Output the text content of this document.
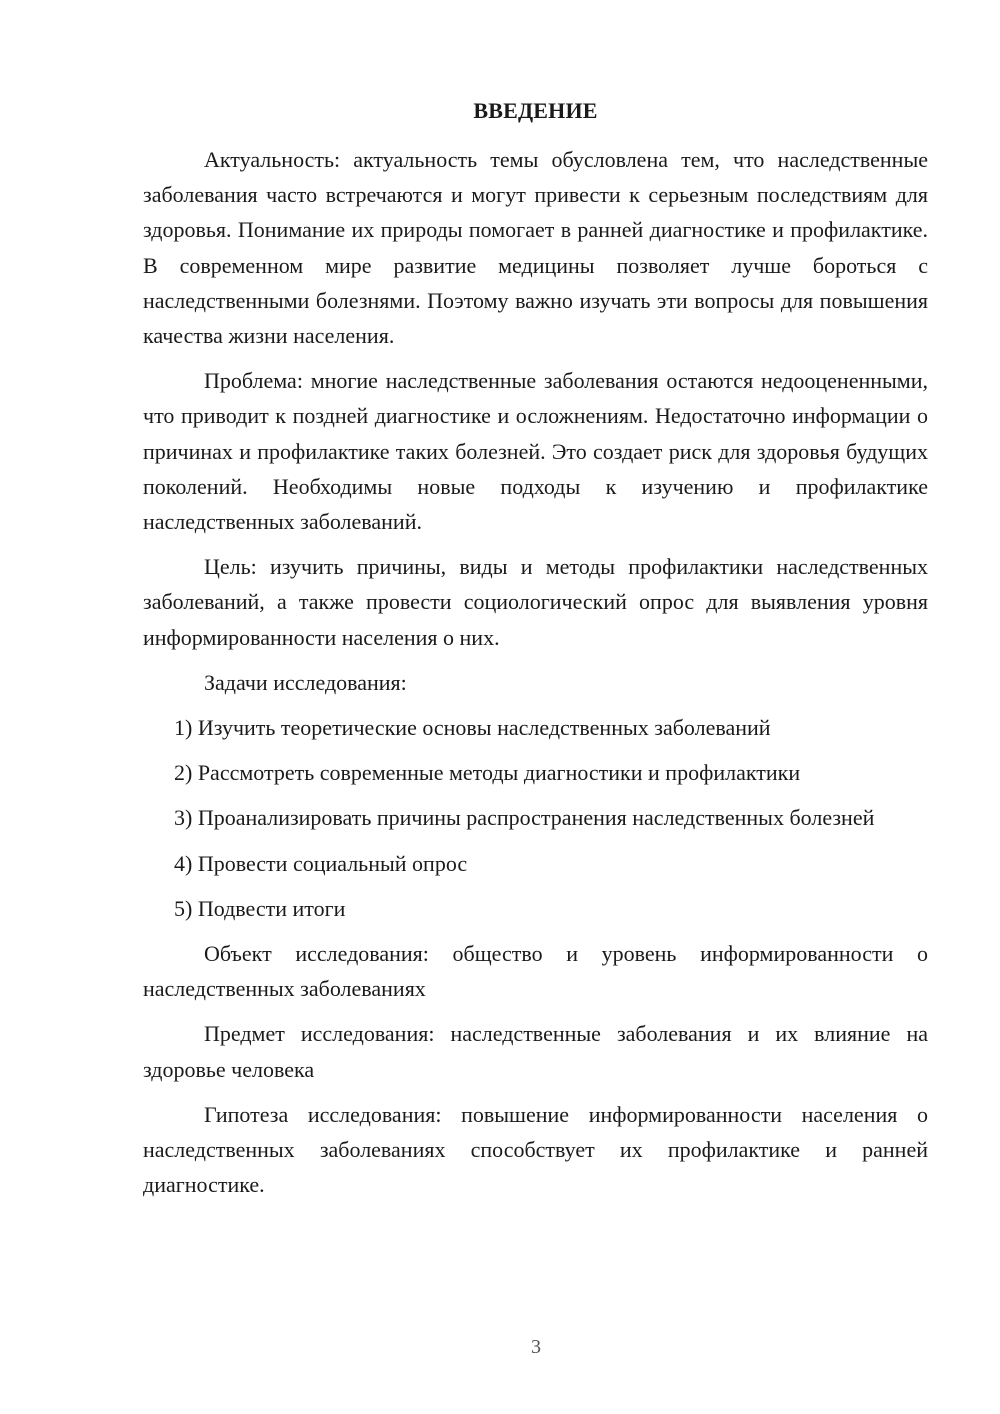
ВВЕДЕНИЕ

Актуальность: актуальность темы обусловлена тем, что наследственные заболевания часто встречаются и могут привести к серьезным последствиям для здоровья. Понимание их природы помогает в ранней диагностике и профилактике. В современном мире развитие медицины позволяет лучше бороться с наследственными болезнями. Поэтому важно изучать эти вопросы для повышения качества жизни населения.

Проблема: многие наследственные заболевания остаются недооцененными, что приводит к поздней диагностике и осложнениям. Недостаточно информации о причинах и профилактике таких болезней. Это создает риск для здоровья будущих поколений. Необходимы новые подходы к изучению и профилактике наследственных заболеваний.

Цель: изучить причины, виды и методы профилактики наследственных заболеваний, а также провести социологический опрос для выявления уровня информированности населения о них.

Задачи исследования:

1) Изучить теоретические основы наследственных заболеваний

2) Рассмотреть современные методы диагностики и профилактики

3) Проанализировать причины распространения наследственных болезней

4) Провести социальный опрос

5) Подвести итоги

Объект исследования: общество и уровень информированности о наследственных заболеваниях

Предмет исследования: наследственные заболевания и их влияние на здоровье человека

Гипотеза исследования: повышение информированности населения о наследственных заболеваниях способствует их профилактике и ранней диагностике.

3
